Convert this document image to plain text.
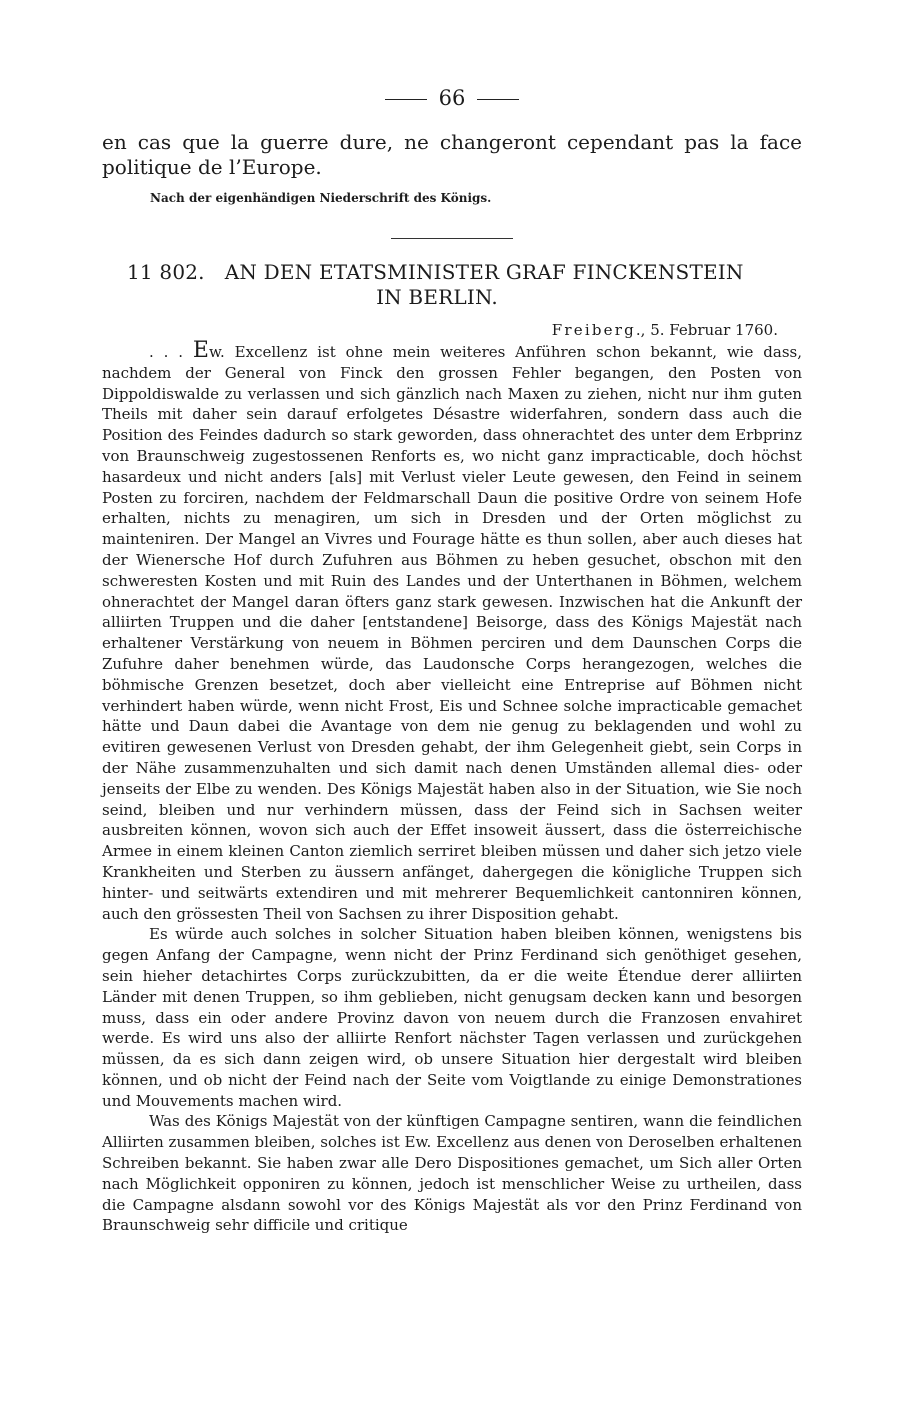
66

en cas que la guerre dure, ne changeront cependant pas la face politique de l’Europe.

Nach der eigenhändigen Niederschrift des Königs.
11 802. AN DEN ETATSMINISTER GRAF FINCKENSTEIN
IN BERLIN.
Freiberg., 5. Februar 1760.

. . . Ew. Excellenz ist ohne mein weiteres Anführen schon bekannt, wie dass, nachdem der General von Finck den grossen Fehler begangen, den Posten von Dippoldiswalde zu verlassen und sich gänzlich nach Maxen zu ziehen, nicht nur ihm guten Theils mit daher sein darauf erfolgetes Désastre widerfahren, sondern dass auch die Position des Feindes dadurch so stark geworden, dass ohnerachtet des unter dem Erbprinz von Braunschweig zugestossenen Renforts es, wo nicht ganz impracticable, doch höchst hasardeux und nicht anders [als] mit Verlust vieler Leute gewesen, den Feind in seinem Posten zu forciren, nachdem der Feldmarschall Daun die positive Ordre von seinem Hofe erhalten, nichts zu menagiren, um sich in Dresden und der Orten möglichst zu mainteniren. Der Mangel an Vivres und Fourage hätte es thun sollen, aber auch dieses hat der Wienersche Hof durch Zufuhren aus Böhmen zu heben gesuchet, obschon mit den schweresten Kosten und mit Ruin des Landes und der Unterthanen in Böhmen, welchem ohnerachtet der Mangel daran öfters ganz stark gewesen. Inzwischen hat die Ankunft der alliirten Truppen und die daher [entstandene] Beisorge, dass des Königs Majestät nach erhaltener Verstärkung von neuem in Böhmen perciren und dem Daunschen Corps die Zufuhre daher benehmen würde, das Laudonsche Corps herangezogen, welches die böhmische Grenzen besetzet, doch aber vielleicht eine Entreprise auf Böhmen nicht verhindert haben würde, wenn nicht Frost, Eis und Schnee solche impracticable gemachet hätte und Daun dabei die Avantage von dem nie genug zu beklagenden und wohl zu evitiren gewesenen Verlust von Dresden gehabt, der ihm Gelegenheit giebt, sein Corps in der Nähe zusammenzuhalten und sich damit nach denen Umständen allemal dies- oder jenseits der Elbe zu wenden. Des Königs Majestät haben also in der Situation, wie Sie noch seind, bleiben und nur verhindern müssen, dass der Feind sich in Sachsen weiter ausbreiten können, wovon sich auch der Effet insoweit äussert, dass die österreichische Armee in einem kleinen Canton ziemlich serriret bleiben müssen und daher sich jetzo viele Krankheiten und Sterben zu äussern anfänget, dahergegen die königliche Truppen sich hinter- und seitwärts extendiren und mit mehrerer Bequemlichkeit cantonniren können, auch den grössesten Theil von Sachsen zu ihrer Disposition gehabt.

Es würde auch solches in solcher Situation haben bleiben können, wenigstens bis gegen Anfang der Campagne, wenn nicht der Prinz Ferdinand sich genöthiget gesehen, sein hieher detachirtes Corps zurückzubitten, da er die weite Étendue derer alliirten Länder mit denen Truppen, so ihm geblieben, nicht genugsam decken kann und besorgen muss, dass ein oder andere Provinz davon von neuem durch die Franzosen envahiret werde. Es wird uns also der alliirte Renfort nächster Tagen verlassen und zurückgehen müssen, da es sich dann zeigen wird, ob unsere Situation hier dergestalt wird bleiben können, und ob nicht der Feind nach der Seite vom Voigtlande zu einige Demonstrationes und Mouvements machen wird.

Was des Königs Majestät von der künftigen Campagne sentiren, wann die feindlichen Alliirten zusammen bleiben, solches ist Ew. Excellenz aus denen von Deroselben erhaltenen Schreiben bekannt. Sie haben zwar alle Dero Dispositiones gemachet, um Sich aller Orten nach Möglichkeit opponiren zu können, jedoch ist menschlicher Weise zu urtheilen, dass die Campagne alsdann sowohl vor des Königs Majestät als vor den Prinz Ferdinand von Braunschweig sehr difficile und critique
